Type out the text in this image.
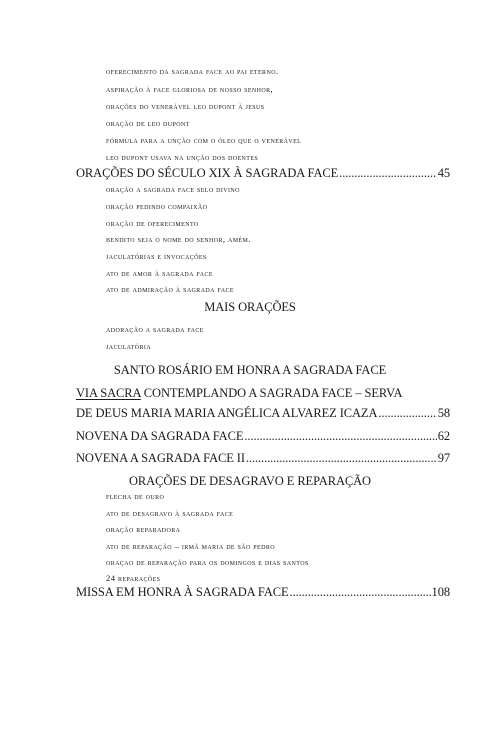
oferecimento da sagrada face ao pai eterno.
aspiração à face gloriosa de nosso senhor,
orações do venerável leo dupont à jesus
oração de leo dupont
fórmula para a unção com o óleo que o venerável
leo dupont usava na unção dos doentes
ORAÇÕES DO SÉCULO XIX À SAGRADA FACE .....	45
oração a sagrada face selo divino
oração pedindo compaixão
oração de oferecimento
bendito seja o nome do senhor, amém.
jaculatórias e invocações
ato de amor à sagrada face
ato de admiração à sagrada face
MAIS ORAÇÕES
adoração a sagrada face
jaculatória
SANTO ROSÁRIO EM HONRA A SAGRADA FACE
VIA SACRA CONTEMPLANDO A SAGRADA FACE – SERVA
DE DEUS MARIA MARIA ANGÉLICA ALVAREZ ICAZA .....	58
NOVENA DA SAGRADA FACE .....	62
NOVENA A SAGRADA FACE II .....	97
ORAÇÕES DE DESAGRAVO E REPARAÇÃO
flecha de ouro
ato de desagravo à sagrada face
oração reparadora
ato de reparação – irmã maria de são pedro
oraçao de reparação para os domingos e dias santos
24 reparações
MISSA EM HONRA À SAGRADA FACE .....	108
